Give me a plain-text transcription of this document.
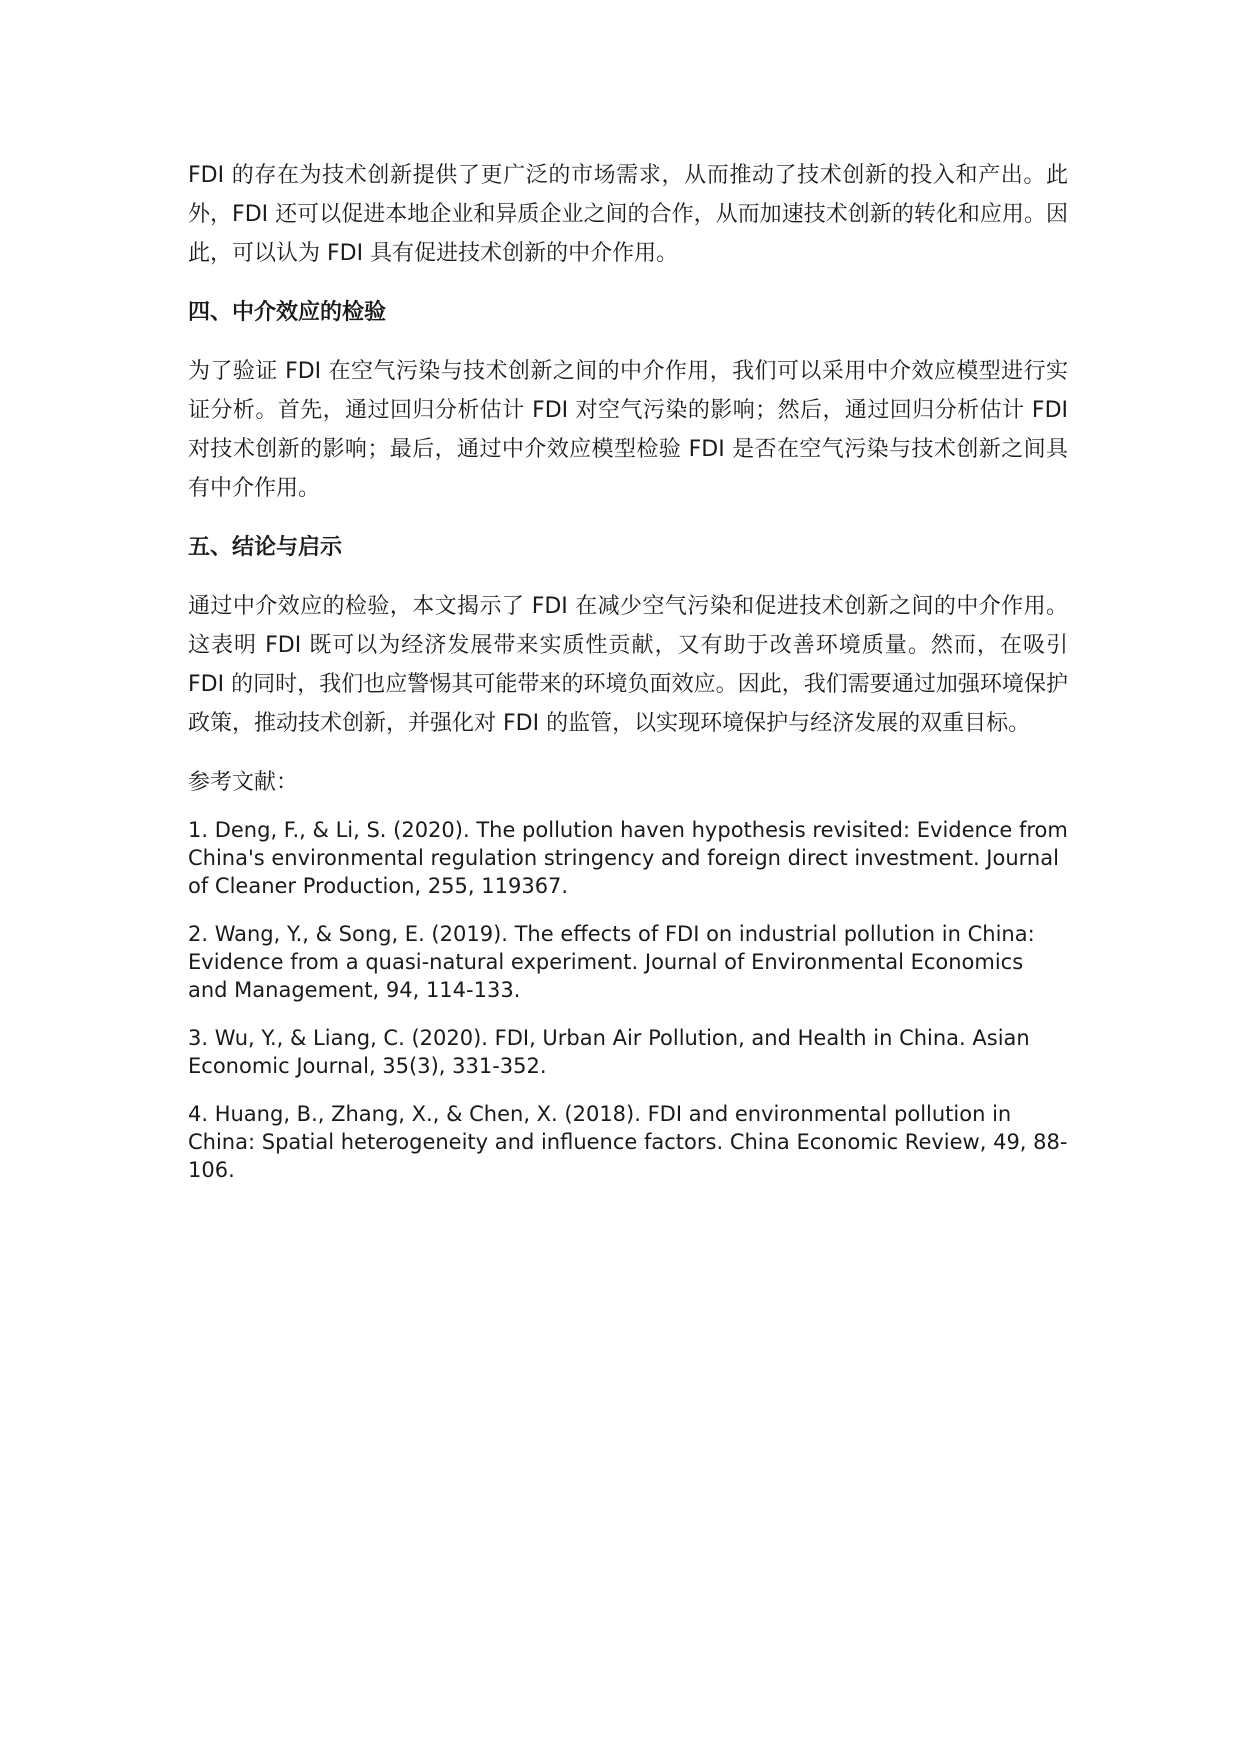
FDI 的存在为技术创新提供了更广泛的市场需求，从而推动了技术创新的投入和产出。此外，FDI 还可以促进本地企业和异质企业之间的合作，从而加速技术创新的转化和应用。因此，可以认为 FDI 具有促进技术创新的中介作用。

四、中介效应的检验

为了验证 FDI 在空气污染与技术创新之间的中介作用，我们可以采用中介效应模型进行实证分析。首先，通过回归分析估计 FDI 对空气污染的影响；然后，通过回归分析估计 FDI 对技术创新的影响；最后，通过中介效应模型检验 FDI 是否在空气污染与技术创新之间具有中介作用。

五、结论与启示

通过中介效应的检验，本文揭示了 FDI 在减少空气污染和促进技术创新之间的中介作用。这表明 FDI 既可以为经济发展带来实质性贡献，又有助于改善环境质量。然而，在吸引 FDI 的同时，我们也应警惕其可能带来的环境负面效应。因此，我们需要通过加强环境保护政策，推动技术创新，并强化对 FDI 的监管，以实现环境保护与经济发展的双重目标。

参考文献：
1. Deng, F., & Li, S. (2020). The pollution haven hypothesis revisited: Evidence from China's environmental regulation stringency and foreign direct investment. Journal of Cleaner Production, 255, 119367.
2. Wang, Y., & Song, E. (2019). The effects of FDI on industrial pollution in China: Evidence from a quasi-natural experiment. Journal of Environmental Economics and Management, 94, 114-133.
3. Wu, Y., & Liang, C. (2020). FDI, Urban Air Pollution, and Health in China. Asian Economic Journal, 35(3), 331-352.
4. Huang, B., Zhang, X., & Chen, X. (2018). FDI and environmental pollution in China: Spatial heterogeneity and influence factors. China Economic Review, 49, 88-106.
